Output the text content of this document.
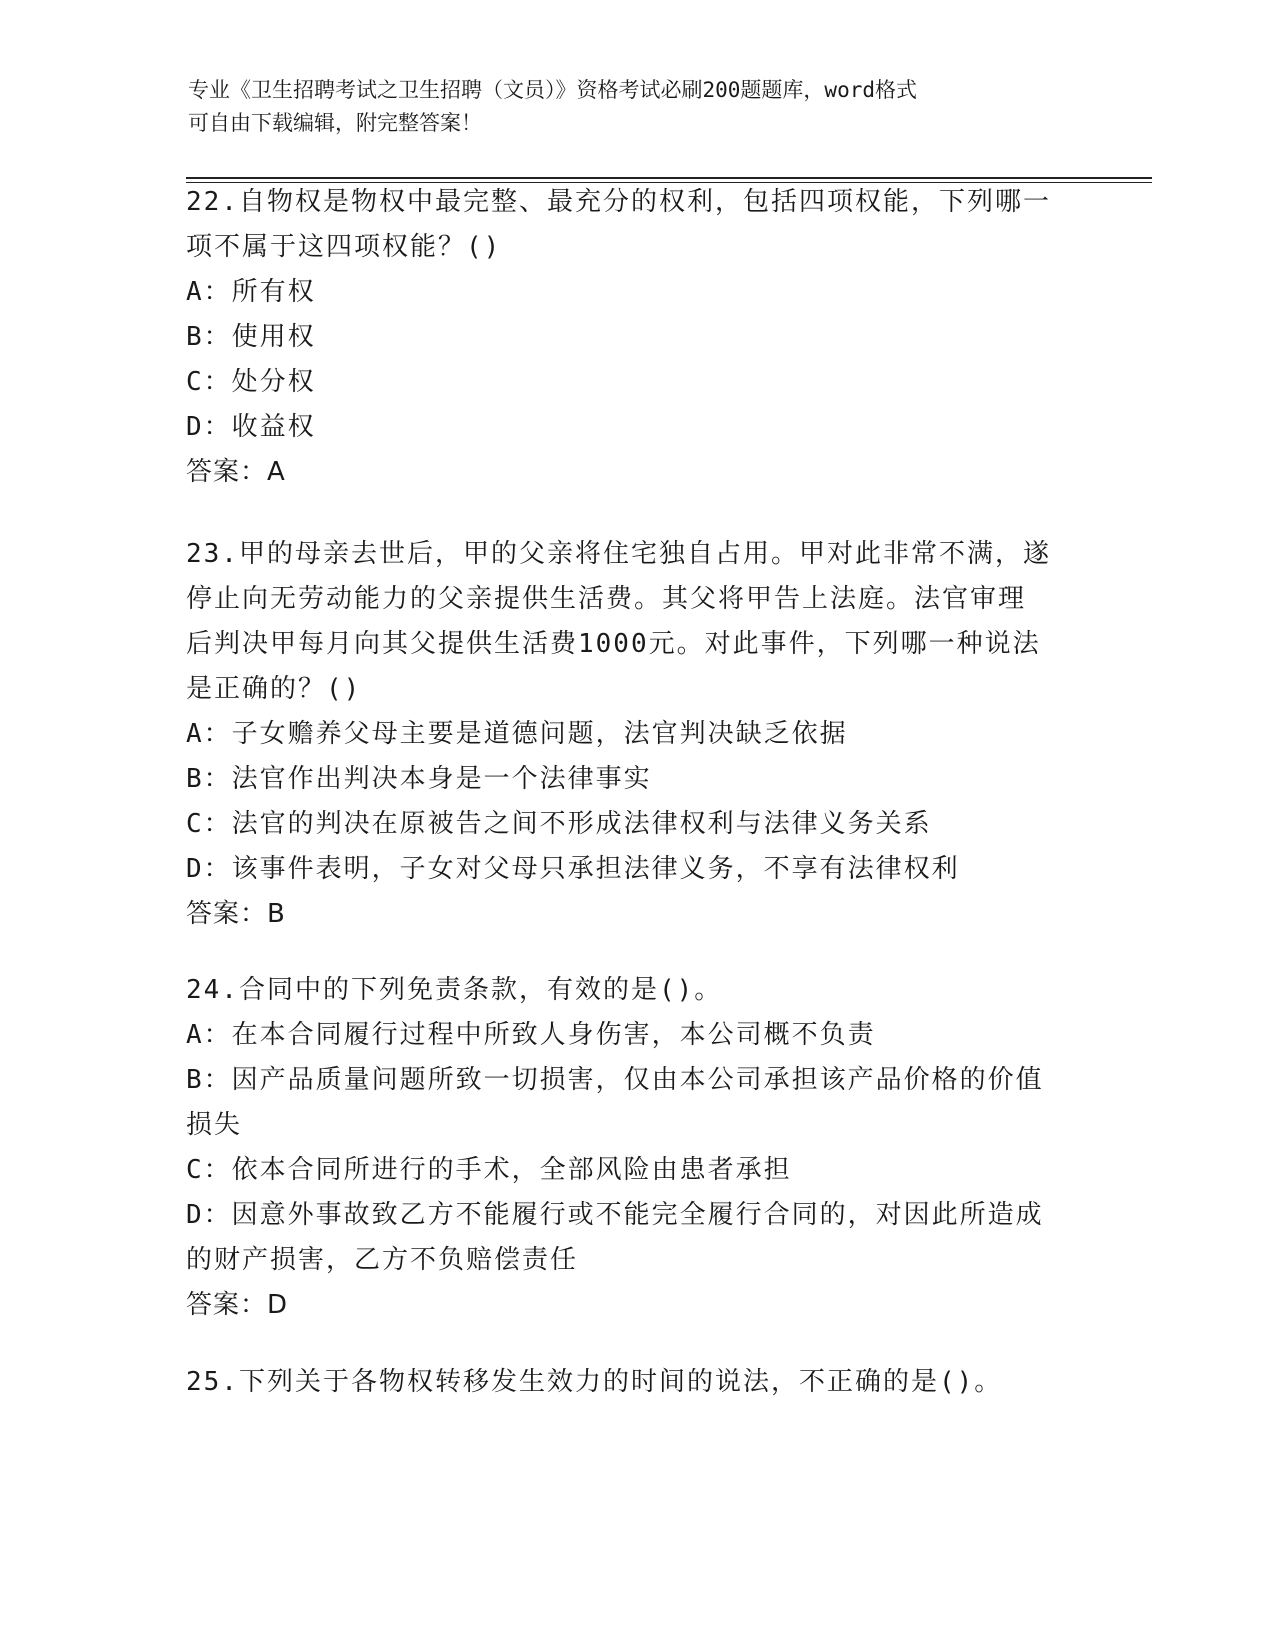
专业《卫生招聘考试之卫生招聘（文员）》资格考试必刷200题题库，word格式
可自由下载编辑，附完整答案！
22.自物权是物权中最完整、最充分的权利，包括四项权能，下列哪一
项不属于这四项权能？()
A：所有权
B：使用权
C：处分权
D：收益权
答案：A
23.甲的母亲去世后，甲的父亲将住宅独自占用。甲对此非常不满，遂
停止向无劳动能力的父亲提供生活费。其父将甲告上法庭。法官审理
后判决甲每月向其父提供生活费1000元。对此事件，下列哪一种说法
是正确的？()
A：子女赡养父母主要是道德问题，法官判决缺乏依据
B：法官作出判决本身是一个法律事实
C：法官的判决在原被告之间不形成法律权利与法律义务关系
D：该事件表明，子女对父母只承担法律义务，不享有法律权利
答案：B
24.合同中的下列免责条款，有效的是()。
A：在本合同履行过程中所致人身伤害，本公司概不负责
B：因产品质量问题所致一切损害，仅由本公司承担该产品价格的价值
损失
C：依本合同所进行的手术，全部风险由患者承担
D：因意外事故致乙方不能履行或不能完全履行合同的，对因此所造成
的财产损害，乙方不负赔偿责任
答案：D
25.下列关于各物权转移发生效力的时间的说法，不正确的是()。
